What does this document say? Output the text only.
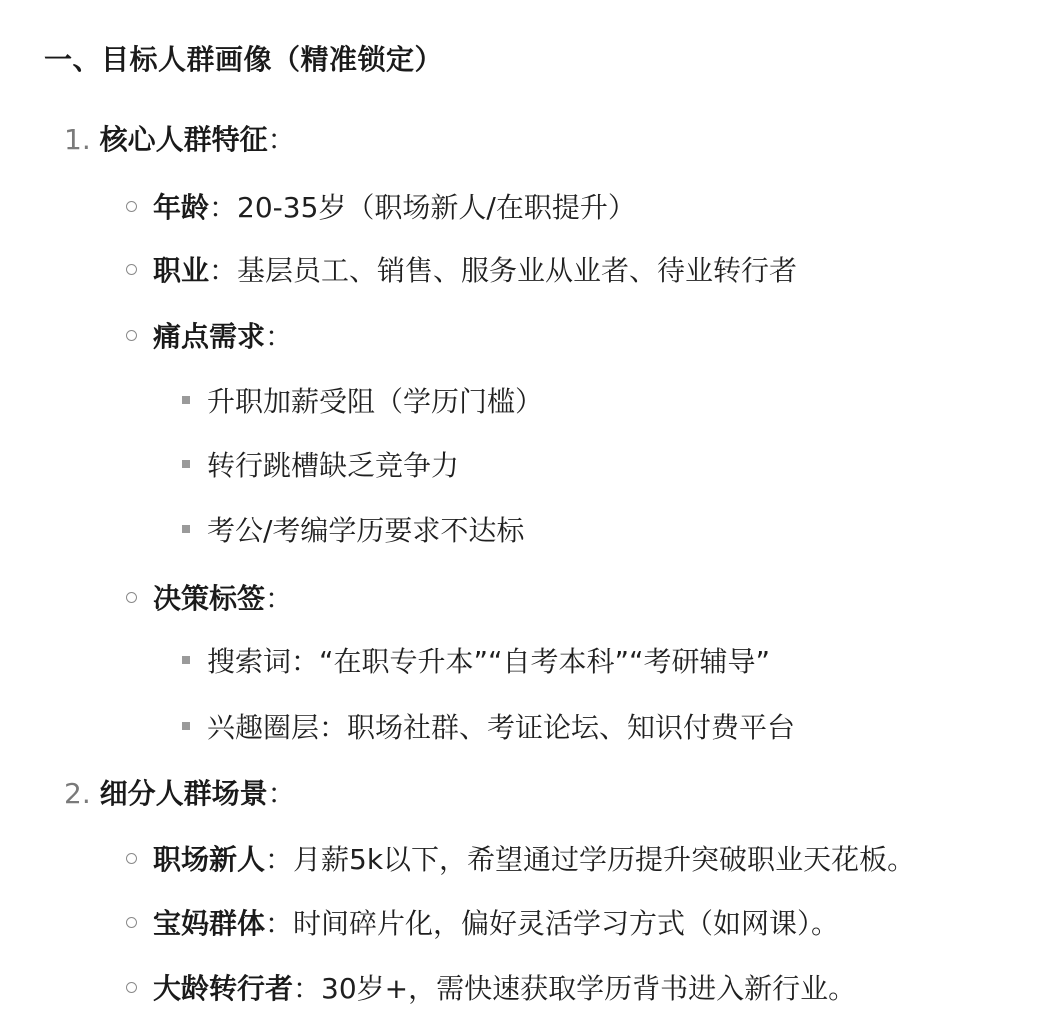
一、目标人群画像（精准锁定）
1. 核心人群特征：
年龄：20-35岁（职场新人/在职提升）
职业：基层员工、销售、服务业从业者、待业转行者
痛点需求：
升职加薪受阻（学历门槛）
转行跳槽缺乏竞争力
考公/考编学历要求不达标
决策标签：
搜索词：“在职专升本”“自考本科”“考研辅导”
兴趣圈层：职场社群、考证论坛、知识付费平台
2. 细分人群场景：
职场新人：月薪5k以下，希望通过学历提升突破职业天花板。
宝妈群体：时间碎片化，偏好灵活学习方式（如网课）。
大龄转行者：30岁+，需快速获取学历背书进入新行业。
